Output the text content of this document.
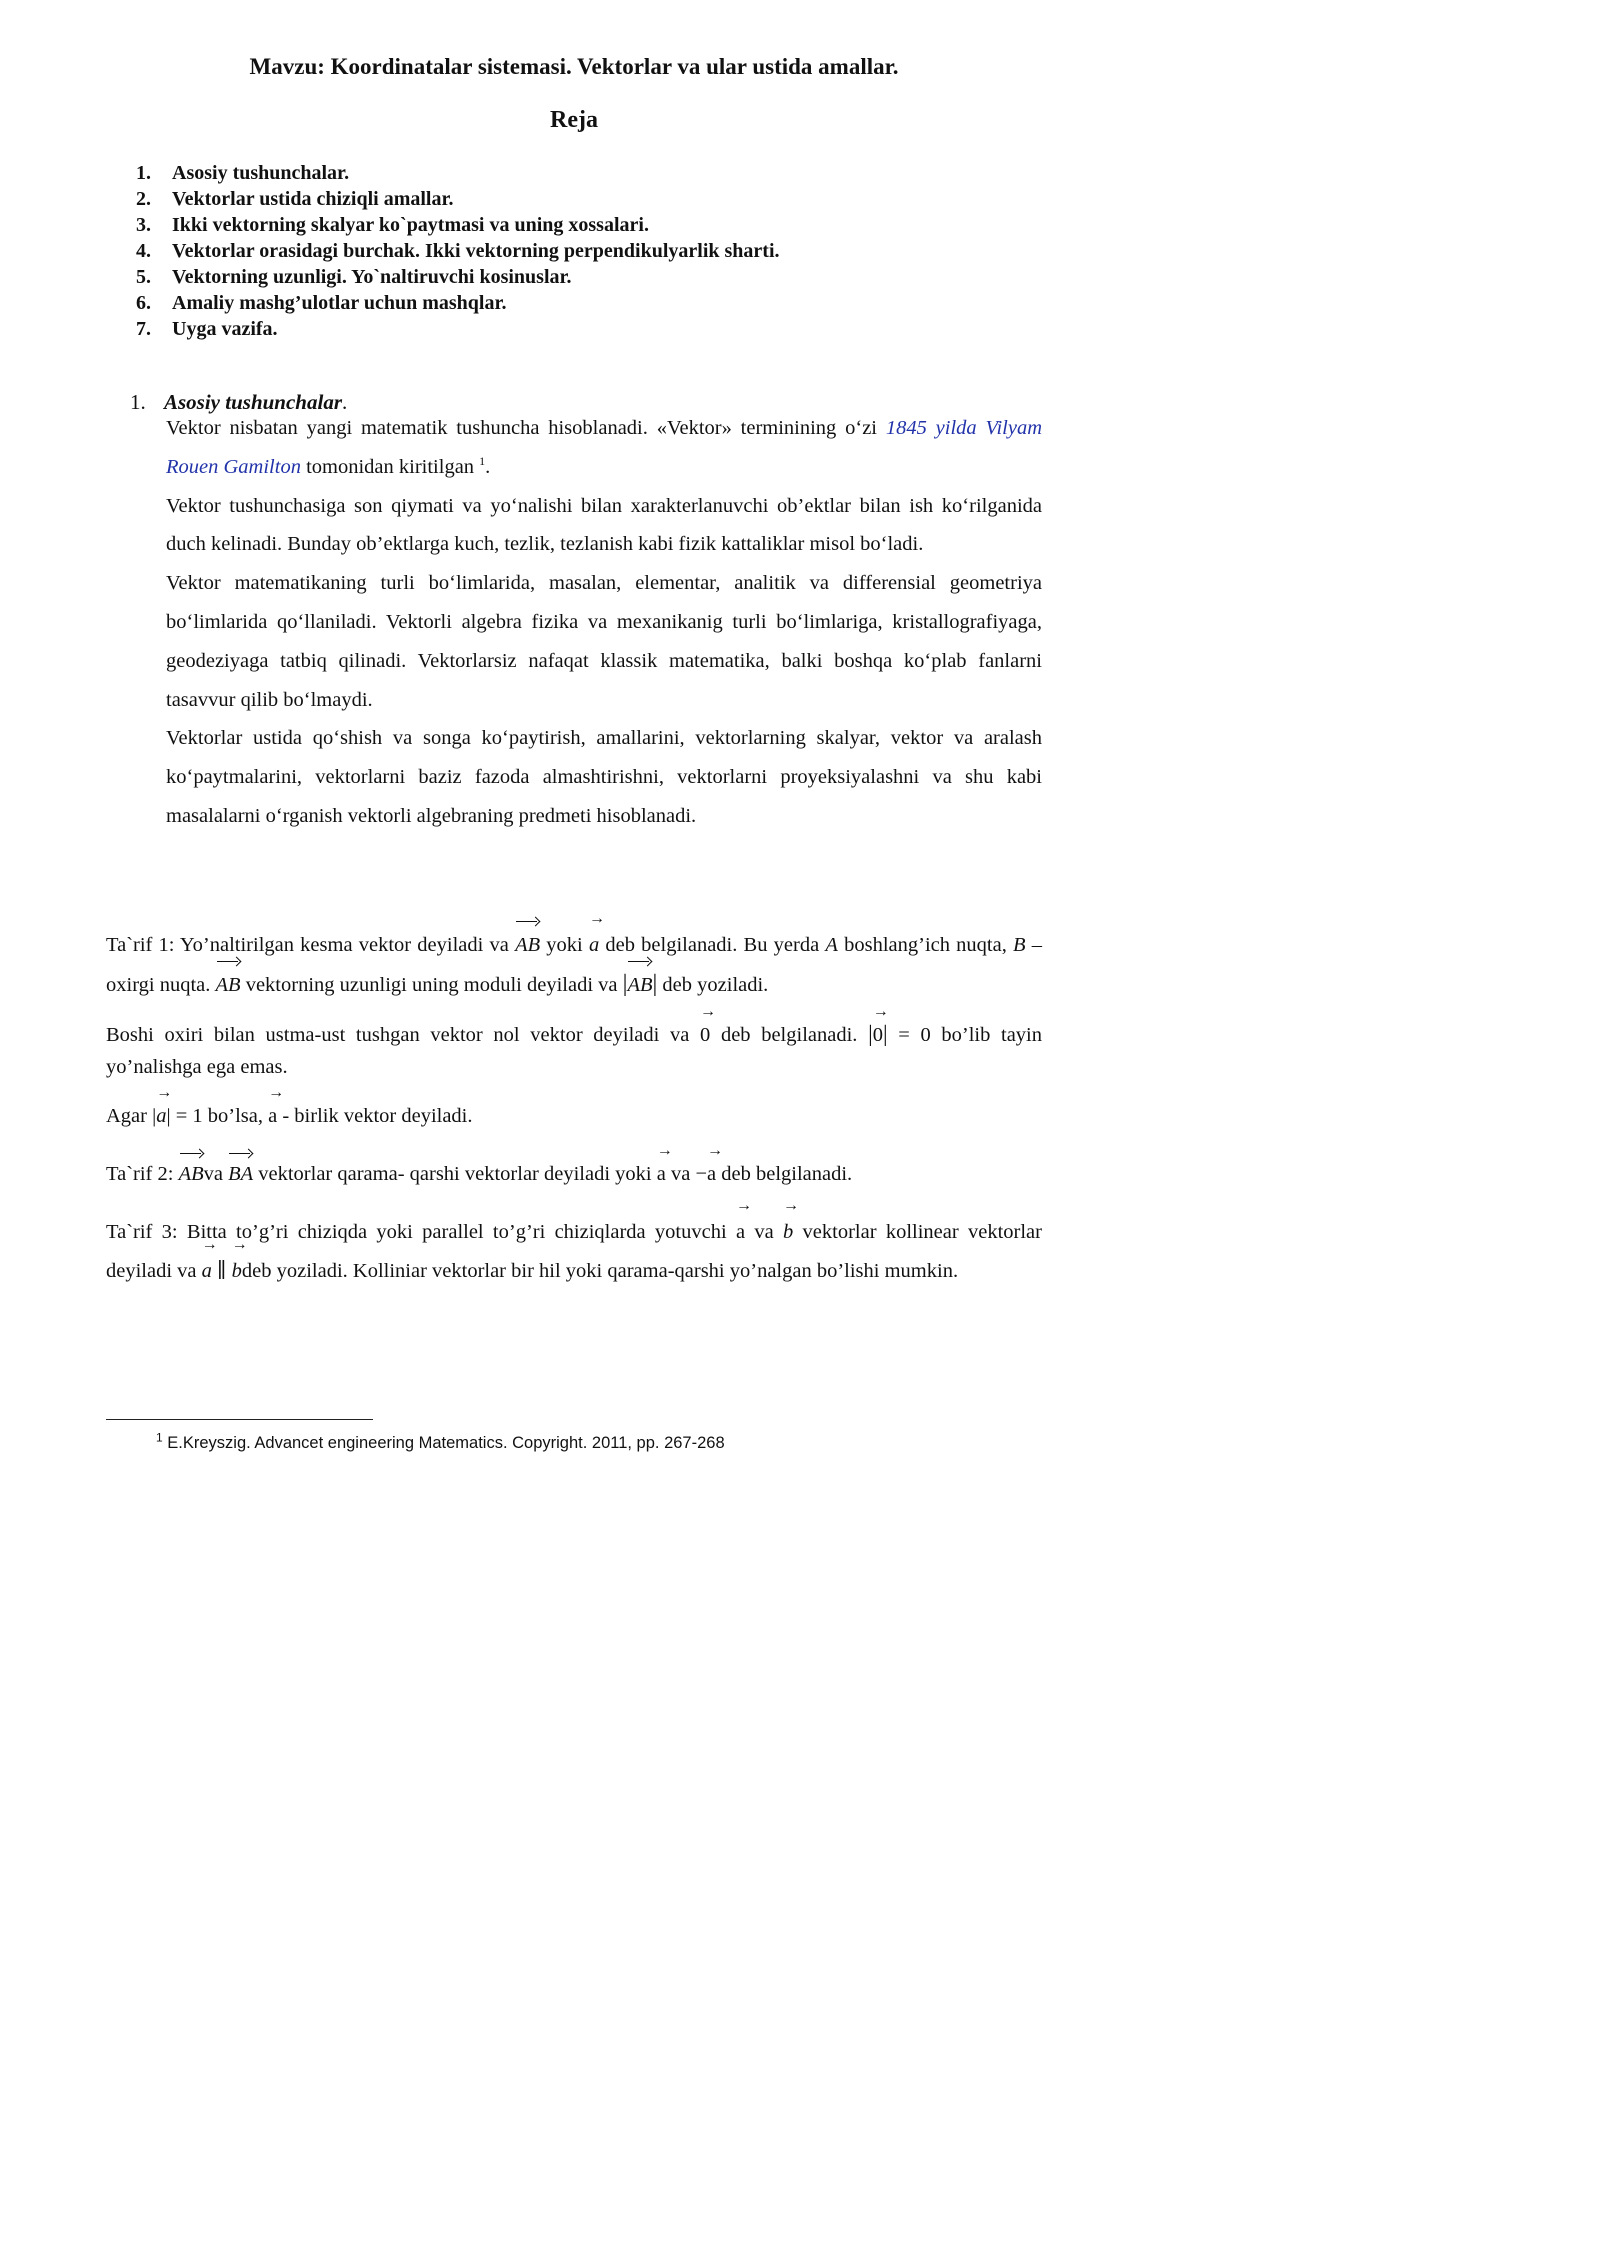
Mavzu: Koordinatalar sistemasi. Vektorlar va ular ustida amallar.
Reja
1.	Asosiy tushunchalar.
2.	Vektorlar ustida chiziqli amallar.
3.	Ikki vektorning skalyar ko`paytmasi va uning xossalari.
4.	Vektorlar orasidagi burchak. Ikki vektorning perpendikulyarlik sharti.
5.	Vektorning uzunligi. Yo`naltiruvchi kosinuslar.
6.	Amaliy mashg’ulotlar uchun mashqlar.
7.	Uyga vazifa.
1. Asosiy tushunchalar.

Vektor nisbatan yangi matematik tushuncha hisoblanadi. «Vektor» terminining o‘zi 1845 yilda Vilyam Rouen Gamilton tomonidan kiritilgan $^1$.

Vektor tushunchasiga son qiymati va yo‘nalishi bilan xarakterlanuvchi ob’ektlar bilan ish ko‘rilganida duch kelinadi. Bunday ob’ektlarga kuch, tezlik, tezlanish kabi fizik kattaliklar misol bo‘ladi.

Vektor matematikaning turli bo‘limlarida, masalan, elementar, analitik va differensial geometriya bo‘limlarida qo‘llaniladi. Vektorli algebra fizika va mexanikanig turli bo‘limlariga, kristallografiyaga, geodeziyaga tatbiq qilinadi. Vektorlarsiz nafaqat klassik matematika, balki boshqa ko‘plab fanlarni tasavvur qilib bo‘lmaydi.

Vektorlar ustida qo‘shish va songa ko‘paytirish, amallarini, vektorlarning skalyar, vektor va aralash ko‘paytmalarini, vektorlarni baziz fazoda almashtirishni, vektorlarni proyeksiyalashni va shu kabi masalalarni o‘rganish vektorli algebraning predmeti hisoblanadi.

Ta`rif 1: Yo’naltirilgan kesma vektor deyiladi va AB yoki → a deb belgilanadi. Bu yerda A boshlang’ich nuqta, B – oxirgi nuqta. AB vektorning uzunligi uning moduli deyiladi va |AB| deb yoziladi.

Boshi oxiri bilan ustma-ust tushgan vektor nol vektor deyiladi va → 0 deb belgilanadi. |→ 0| = 0 bo’lib tayin yo’nalishga ega emas.

Agar |→ a| = 1 bo’lsa, → a - birlik vektor deyiladi.

Ta`rif 2: ABva BA vektorlar qarama- qarshi vektorlar deyiladi yoki → a va −→ a deb belgilanadi.

Ta`rif 3: Bitta to’g’ri chiziqda yoki parallel to’g’ri chiziqlarda yotuvchi → a va → b vektorlar kollinear vektorlar deyiladi va → a ∥ → bdeb yoziladi. Kolliniar vektorlar bir hil yoki qarama-qarshi yo’nalgan bo’lishi mumkin.

$^1$ E.Kreyszig. Advancet engineering Matematics. Copyright. 2011, pp. 267-268
